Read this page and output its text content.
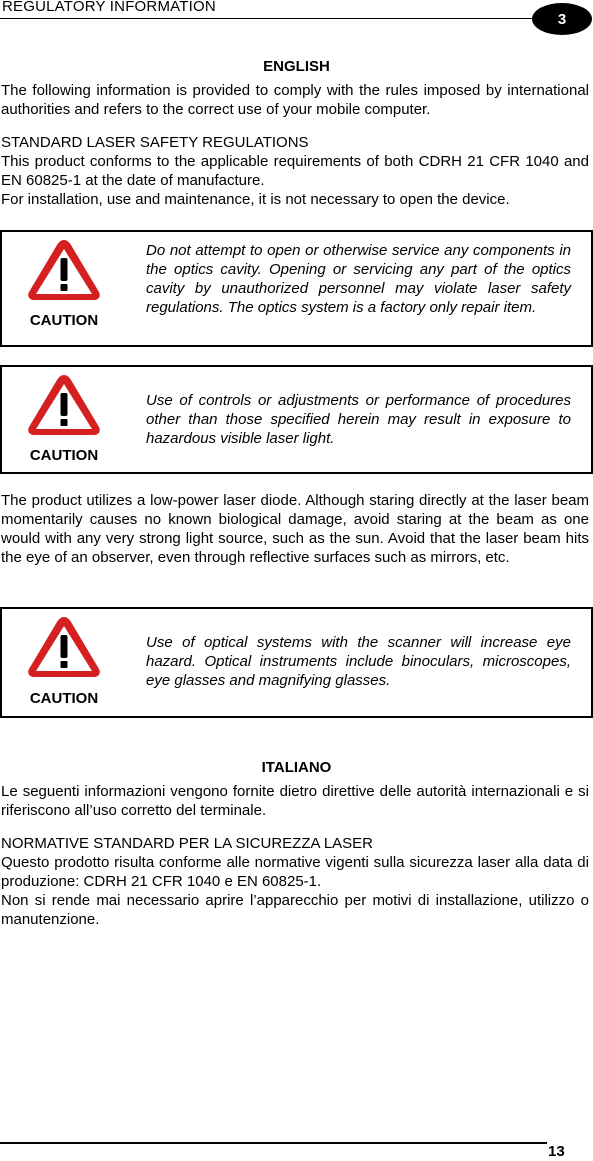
REGULATORY INFORMATION
3
ENGLISH

The following information is provided to comply with the rules imposed by international authorities and refers to the correct use of your mobile computer.

STANDARD LASER SAFETY REGULATIONS

This product conforms to the applicable requirements of both CDRH 21 CFR 1040 and EN 60825-1 at the date of manufacture.

For installation, use and maintenance, it is not necessary to open the device.

CAUTION
Do not attempt to open or otherwise service any components in the optics cavity. Opening or servicing any part of the optics cavity by unauthorized personnel may violate laser safety regulations. The optics system is a factory only repair item.
CAUTION
Use of controls or adjustments or performance of procedures other than those specified herein may result in exposure to hazardous visible laser light.

The product utilizes a low-power laser diode. Although staring directly at the laser beam momentarily causes no known biological damage, avoid staring at the beam as one would with any very strong light source, such as the sun. Avoid that the laser beam hits the eye of an observer, even through reflective surfaces such as mirrors, etc.

CAUTION
Use of optical systems with the scanner will increase eye hazard. Optical instruments include binoculars, microscopes, eye glasses and magnifying glasses.
ITALIANO

Le seguenti informazioni vengono fornite dietro direttive delle autorità internazionali e si riferiscono all’uso corretto del terminale.

NORMATIVE STANDARD PER LA SICUREZZA LASER

Questo prodotto risulta conforme alle normative vigenti sulla sicurezza laser alla data di produzione: CDRH 21 CFR 1040 e EN 60825-1.

Non si rende mai necessario aprire l’apparecchio per motivi di installazione, utilizzo o manutenzione.

13
